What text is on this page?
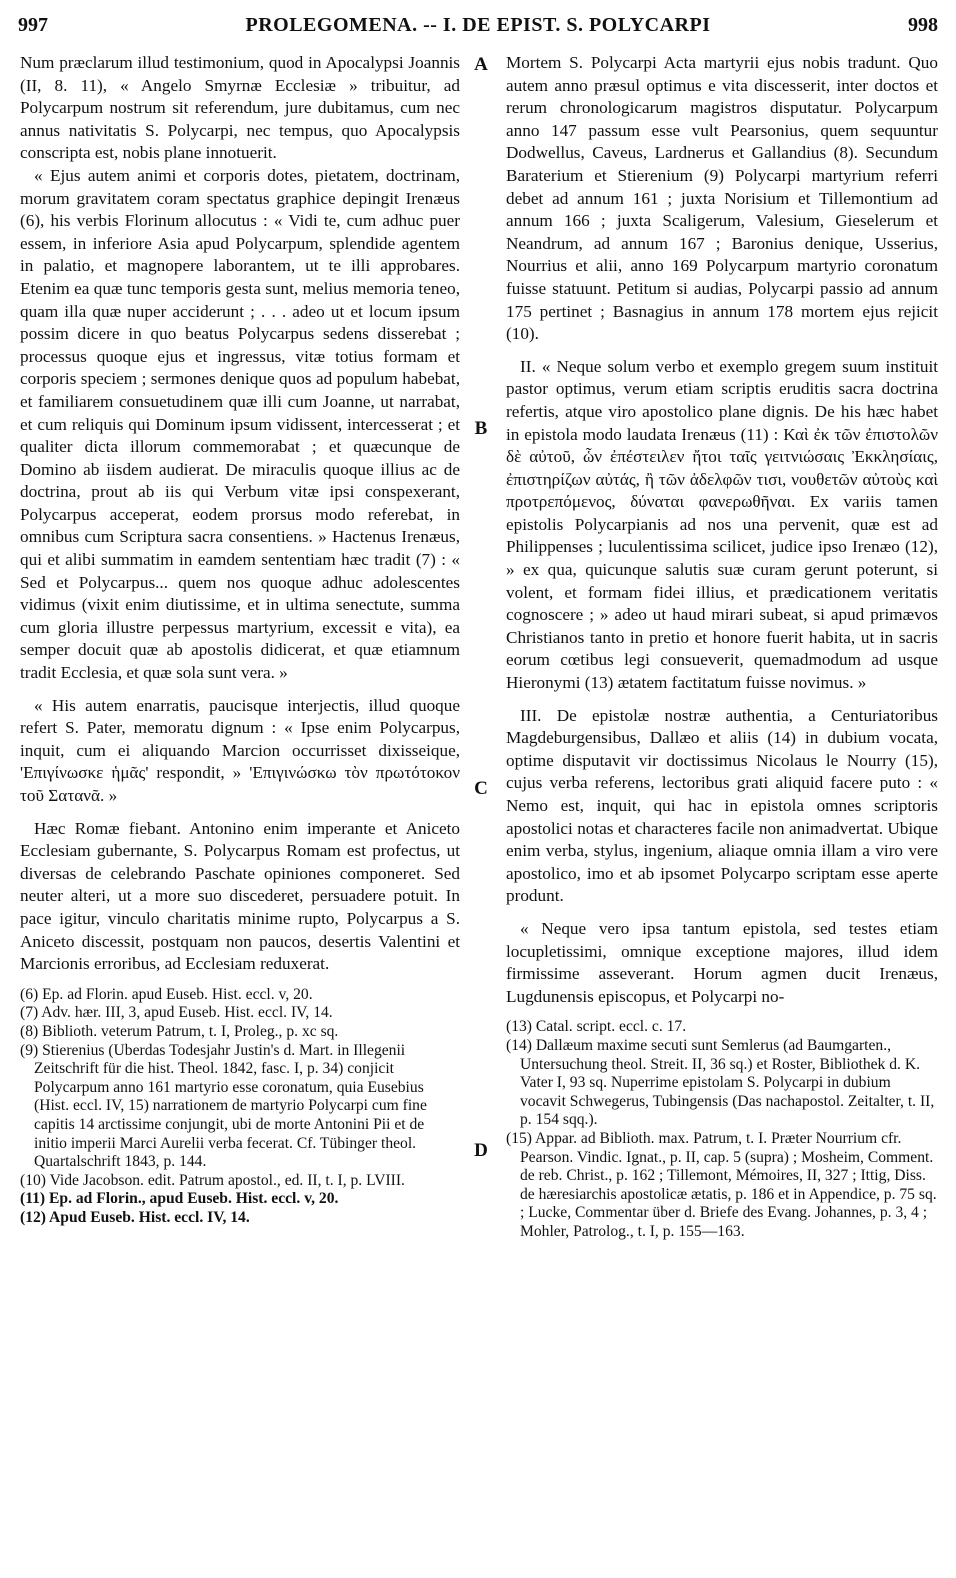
997	PROLEGOMENA. -- I. DE EPIST. S. POLYCARPI	998
A
B
C
D

Num præclarum illud testimonium, quod in Apocalypsi Joannis (II, 8. 11), « Angelo Smyrnæ Ecclesiæ » tribuitur, ad Polycarpum nostrum sit referendum, jure dubitamus, cum nec annus nativitatis S. Polycarpi, nec tempus, quo Apocalypsis conscripta est, nobis plane innotuerit.

« Ejus autem animi et corporis dotes, pietatem, doctrinam, morum gravitatem coram spectatus graphice depingit Irenæus (6), his verbis Florinum allocutus : « Vidi te, cum adhuc puer essem, in inferiore Asia apud Polycarpum, splendide agentem in palatio, et magnopere laborantem, ut te illi approbares. Etenim ea quæ tunc temporis gesta sunt, melius memoria teneo, quam illa quæ nuper acciderunt ; . . . adeo ut et locum ipsum possim dicere in quo beatus Polycarpus sedens disserebat ; processus quoque ejus et ingressus, vitæ totius formam et corporis speciem ; sermones denique quos ad populum habebat, et familiarem consuetudinem quæ illi cum Joanne, ut narrabat, et cum reliquis qui Dominum ipsum vidissent, intercesserat ; et qualiter dicta illorum commemorabat ; et quæcunque de Domino ab iisdem audierat. De miraculis quoque illius ac de doctrina, prout ab iis qui Verbum vitæ ipsi conspexerant, Polycarpus acceperat, eodem prorsus modo referebat, in omnibus cum Scriptura sacra consentiens. » Hactenus Irenæus, qui et alibi summatim in eamdem sententiam hæc tradit (7) : « Sed et Polycarpus... quem nos quoque adhuc adolescentes vidimus (vixit enim diutissime, et in ultima senectute, summa cum gloria illustre perpessus martyrium, excessit e vita), ea semper docuit quæ ab apostolis didicerat, et quæ etiamnum tradit Ecclesia, et quæ sola sunt vera. »

« His autem enarratis, paucisque interjectis, illud quoque refert S. Pater, memoratu dignum : « Ipse enim Polycarpus, inquit, cum ei aliquando Marcion occurrisset dixisseique, 'Επιγίνωσκε ἡμᾶς' respondit, » 'Επιγινώσκω τὸν πρωτότοκον τοῦ Σατανᾶ. »

Hæc Romæ fiebant. Antonino enim imperante et Aniceto Ecclesiam gubernante, S. Polycarpus Romam est profectus, ut diversas de celebrando Paschate opiniones componeret. Sed neuter alteri, ut a more suo discederet, persuadere potuit. In pace igitur, vinculo charitatis minime rupto, Polycarpus a S. Aniceto discessit, postquam non paucos, desertis Valentini et Marcionis erroribus, ad Ecclesiam reduxerat.

(6) Ep. ad Florin. apud Euseb. Hist. eccl. v, 20.
(7) Adv. hær. III, 3, apud Euseb. Hist. eccl. IV, 14.
(8) Biblioth. veterum Patrum, t. I, Proleg., p. xc sq.
(9) Stierenius (Uberdas Todesjahr Justin's d. Mart. in Illegenii Zeitschrift für die hist. Theol. 1842, fasc. I, p. 34) conjicit Polycarpum anno 161 martyrio esse coronatum, quia Eusebius (Hist. eccl. IV, 15) narrationem de martyrio Polycarpi cum fine capitis 14 arctissime conjungit, ubi de morte Antonini Pii et de initio imperii Marci Aurelii verba fecerat. Cf. Tübinger theol. Quartalschrift 1843, p. 144.
(10) Vide Jacobson. edit. Patrum apostol., ed. II, t. I, p. LVIII.
(11) Ep. ad Florin., apud Euseb. Hist. eccl. v, 20.
(12) Apud Euseb. Hist. eccl. IV, 14.

Mortem S. Polycarpi Acta martyrii ejus nobis tradunt. Quo autem anno præsul optimus e vita discesserit, inter doctos et rerum chronologicarum magistros disputatur. Polycarpum anno 147 passum esse vult Pearsonius, quem sequuntur Dodwellus, Caveus, Lardnerus et Gallandius (8). Secundum Baraterium et Stierenium (9) Polycarpi martyrium referri debet ad annum 161 ; juxta Norisium et Tillemontium ad annum 166 ; juxta Scaligerum, Valesium, Gieselerum et Neandrum, ad annum 167 ; Baronius denique, Usserius, Nourrius et alii, anno 169 Polycarpum martyrio coronatum fuisse statuunt. Petitum si audias, Polycarpi passio ad annum 175 pertinet ; Basnagius in annum 178 mortem ejus rejicit (10).

II. « Neque solum verbo et exemplo gregem suum instituit pastor optimus, verum etiam scriptis eruditis sacra doctrina refertis, atque viro apostolico plane dignis. De his hæc habet in epistola modo laudata Irenæus (11) : Καὶ ἐκ τῶν ἐπιστολῶν δὲ αὐτοῦ, ὧν ἐπέστειλεν ἤτοι ταῖς γειτνιώσαις Ἐκκλησίαις, ἐπιστηρίζων αὐτάς, ἢ τῶν ἀδελφῶν τισι, νουθετῶν αὐτοὺς καὶ προτρεπόμενος, δύναται φανερωθῆναι. Ex variis tamen epistolis Polycarpianis ad nos una pervenit, quæ est ad Philippenses ; luculentissima scilicet, judice ipso Irenæo (12), » ex qua, quicunque salutis suæ curam gerunt poterunt, si volent, et formam fidei illius, et prædicationem veritatis cognoscere ; » adeo ut haud mirari subeat, si apud primævos Christianos tanto in pretio et honore fuerit habita, ut in sacris eorum cœtibus legi consueverit, quemadmodum ad usque Hieronymi (13) ætatem factitatum fuisse novimus. »

III. De epistolæ nostræ authentia, a Centuriatoribus Magdeburgensibus, Dallæo et aliis (14) in dubium vocata, optime disputavit vir doctissimus Nicolaus le Nourry (15), cujus verba referens, lectoribus grati aliquid facere puto : « Nemo est, inquit, qui hac in epistola omnes scriptoris apostolici notas et characteres facile non animadvertat. Ubique enim verba, stylus, ingenium, aliaque omnia illam a viro vere apostolico, imo et ab ipsomet Polycarpo scriptam esse aperte produnt.

« Neque vero ipsa tantum epistola, sed testes etiam locupletissimi, omnique exceptione majores, illud idem firmissime asseverant. Horum agmen ducit Irenæus, Lugdunensis episcopus, et Polycarpi no-

(13) Catal. script. eccl. c. 17.
(14) Dallæum maxime secuti sunt Semlerus (ad Baumgarten., Untersuchung theol. Streit. II, 36 sq.) et Roster, Bibliothek d. K. Vater I, 93 sq. Nuperrime epistolam S. Polycarpi in dubium vocavit Schwegerus, Tubingensis (Das nachapostol. Zeitalter, t. II, p. 154 sqq.).
(15) Appar. ad Biblioth. max. Patrum, t. I. Præter Nourrium cfr. Pearson. Vindic. Ignat., p. II, cap. 5 (supra) ; Mosheim, Comment. de reb. Christ., p. 162 ; Tillemont, Mémoires, II, 327 ; Ittig, Diss. de hæresiarchis apostolicæ ætatis, p. 186 et in Appendice, p. 75 sq. ; Lucke, Commentar über d. Briefe des Evang. Johannes, p. 3, 4 ; Mohler, Patrolog., t. I, p. 155—163.
